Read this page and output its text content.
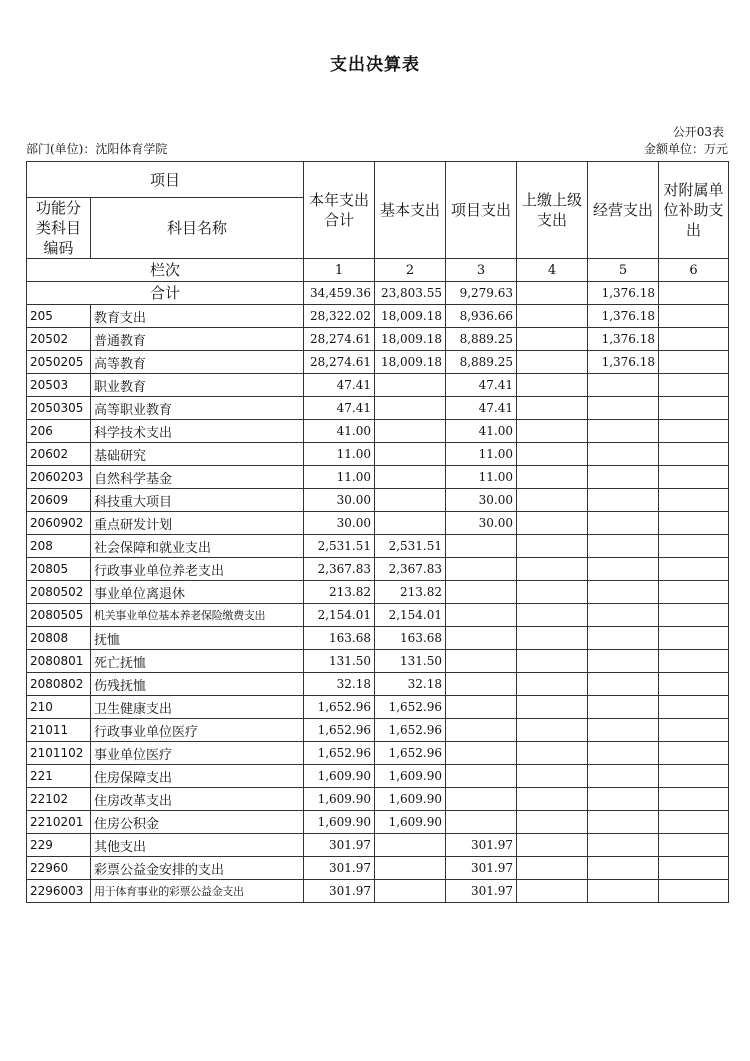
支出决算表
公开03表
部门(单位)：沈阳体育学院	金额单位：万元
项目		本年支出合计	基本支出	项目支出	上缴上级支出	经营支出	对附属单位补助支出
功能分类科目编码	科目名称						
栏次		1	2	3	4	5	6
合计		34,459.36	23,803.55	9,279.63		1,376.18	
205	教育支出	28,322.02	18,009.18	8,936.66		1,376.18	
20502	普通教育	28,274.61	18,009.18	8,889.25		1,376.18	
2050205	高等教育	28,274.61	18,009.18	8,889.25		1,376.18	
20503	职业教育	47.41		47.41			
2050305	高等职业教育	47.41		47.41			
206	科学技术支出	41.00		41.00			
20602	基础研究	11.00		11.00			
2060203	自然科学基金	11.00		11.00			
20609	科技重大项目	30.00		30.00			
2060902	重点研发计划	30.00		30.00			
208	社会保障和就业支出	2,531.51	2,531.51				
20805	行政事业单位养老支出	2,367.83	2,367.83				
2080502	事业单位离退休	213.82	213.82				
2080505	机关事业单位基本养老保险缴费支出	2,154.01	2,154.01				
20808	抚恤	163.68	163.68				
2080801	死亡抚恤	131.50	131.50				
2080802	伤残抚恤	32.18	32.18				
210	卫生健康支出	1,652.96	1,652.96				
21011	行政事业单位医疗	1,652.96	1,652.96				
2101102	事业单位医疗	1,652.96	1,652.96				
221	住房保障支出	1,609.90	1,609.90				
22102	住房改革支出	1,609.90	1,609.90				
2210201	住房公积金	1,609.90	1,609.90				
229	其他支出	301.97		301.97			
22960	彩票公益金安排的支出	301.97		301.97			
2296003	用于体育事业的彩票公益金支出	301.97		301.97			
